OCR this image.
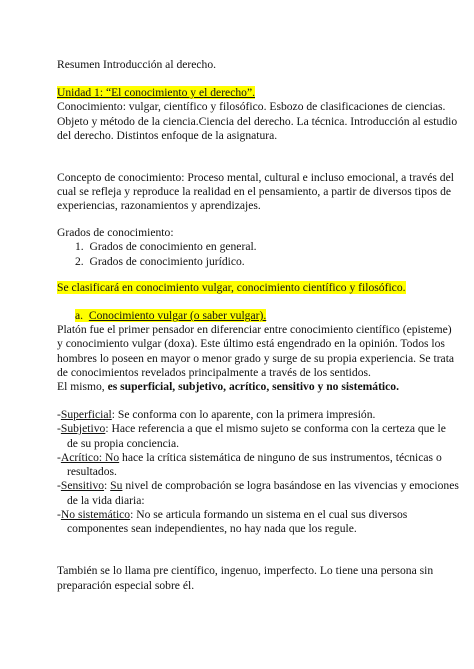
Resumen Introducción al derecho.
Unidad 1: “El conocimiento y el derecho”.
Conocimiento: vulgar, científico y filosófico. Esbozo de clasificaciones de ciencias.
Objeto y método de la ciencia.Ciencia del derecho. La técnica. Introducción al estudio
del derecho. Distintos enfoque de la asignatura.
Concepto de conocimiento: Proceso mental, cultural e incluso emocional, a través del
cual se refleja y reproduce la realidad en el pensamiento, a partir de diversos tipos de
experiencias, razonamientos y aprendizajes.
Grados de conocimiento:
1. Grados de conocimiento en general.
2. Grados de conocimiento jurídico.
Se clasificará en conocimiento vulgar, conocimiento científico y filosófico.
a. Conocimiento vulgar (o saber vulgar).
Platón fue el primer pensador en diferenciar entre conocimiento científico (episteme)
y conocimiento vulgar (doxa). Este último está engendrado en la opinión. Todos los
hombres lo poseen en mayor o menor grado y surge de su propia experiencia. Se trata
de conocimientos revelados principalmente a través de los sentidos.
El mismo, es superficial, subjetivo, acrítico, sensitivo y no sistemático.
-Superficial: Se conforma con lo aparente, con la primera impresión.
-Subjetivo: Hace referencia a que el mismo sujeto se conforma con la certeza que le
de su propia conciencia.
-Acrítico: No hace la crítica sistemática de ninguno de sus instrumentos, técnicas o
resultados.
-Sensitivo: Su nivel de comprobación se logra basándose en las vivencias y emociones
de la vida diaria:
-No sistemático: No se articula formando un sistema en el cual sus diversos
componentes sean independientes, no hay nada que los regule.
También se lo llama pre científico, ingenuo, imperfecto. Lo tiene una persona sin
preparación especial sobre él.
